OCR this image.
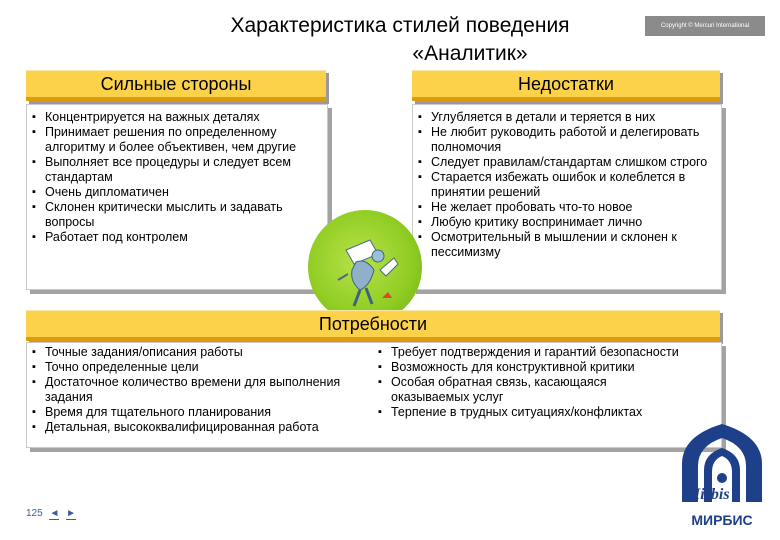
Характеристика стилей поведения
«Аналитик»
Copyright © Mercuri International
Сильные стороны
▪ Концентрируется на важных деталях
▪ Принимает решения по определенному алгоритму и более объективен, чем другие
▪ Выполняет все процедуры и следует всем стандартам
▪ Очень дипломатичен
▪ Склонен критически мыслить и задавать вопросы
▪ Работает под контролем
Недостатки
▪ Углубляется в детали и теряется в них
▪ Не любит руководить работой и делегировать полномочия
▪ Следует правилам/стандартам слишком строго
▪ Старается избежать ошибок и колеблется в принятии решений
▪ Не желает пробовать что-то новое
▪ Любую критику воспринимает лично
▪ Осмотрительный в мышлении и склонен к пессимизму
Потребности
▪ Точные задания/описания работы
▪ Точно определенные цели
▪ Достаточное количество времени для выполнения задания
▪ Время для тщательного планирования
▪ Детальная, высококвалифицированная работа
▪ Требует подтверждения и гарантий безопасности
▪ Возможность для конструктивной критики
▪ Особая обратная связь, касающаяся оказываемых услуг
▪ Терпение в трудных ситуациях/конфликтах
125 ◄ ►
Mirbis
МИРБИС
